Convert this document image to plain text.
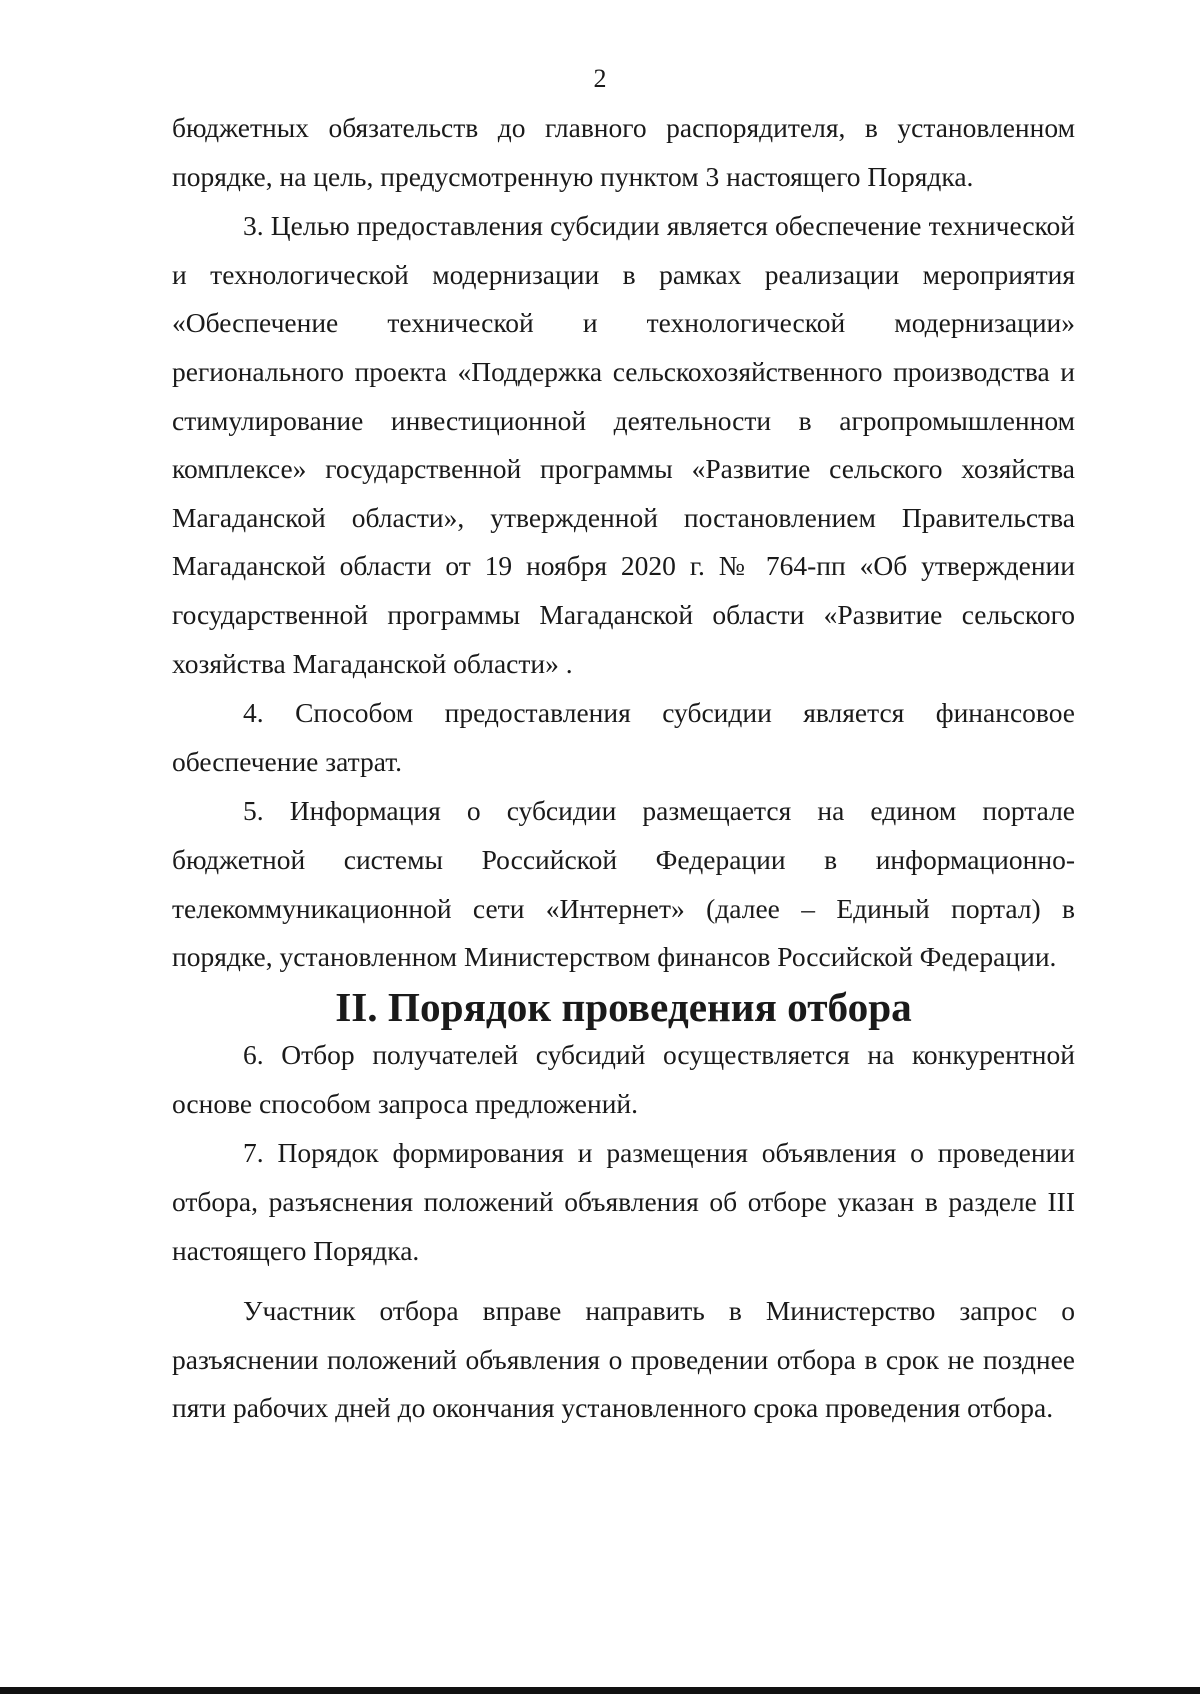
2

бюджетных обязательств до главного распорядителя, в установленном порядке, на цель, предусмотренную пунктом 3 настоящего Порядка.

3. Целью предоставления субсидии является обеспечение технической и технологической модернизации в рамках реализации мероприятия «Обеспечение технической и технологической модернизации» регионального проекта «Поддержка сельскохозяйственного производства и стимулирование инвестиционной деятельности в агропромышленном комплексе» государственной программы «Развитие сельского хозяйства Магаданской области», утвержденной постановлением Правительства Магаданской области от 19 ноября 2020 г. № 764-пп «Об утверждении государственной программы Магаданской области «Развитие сельского хозяйства Магаданской области» .

4. Способом предоставления субсидии является финансовое обеспечение затрат.

5. Информация о субсидии размещается на едином портале бюджетной системы Российской Федерации в информационно-телекоммуникационной сети «Интернет» (далее – Единый портал) в порядке, установленном Министерством финансов Российской Федерации.

II. Порядок проведения отбора

6. Отбор получателей субсидий осуществляется на конкурентной основе способом запроса предложений.

7. Порядок формирования и размещения объявления о проведении отбора, разъяснения положений объявления об отборе указан в разделе III настоящего Порядка.

Участник отбора вправе направить в Министерство запрос о разъяснении положений объявления о проведении отбора в срок не позднее пяти рабочих дней до окончания установленного срока проведения отбора.
